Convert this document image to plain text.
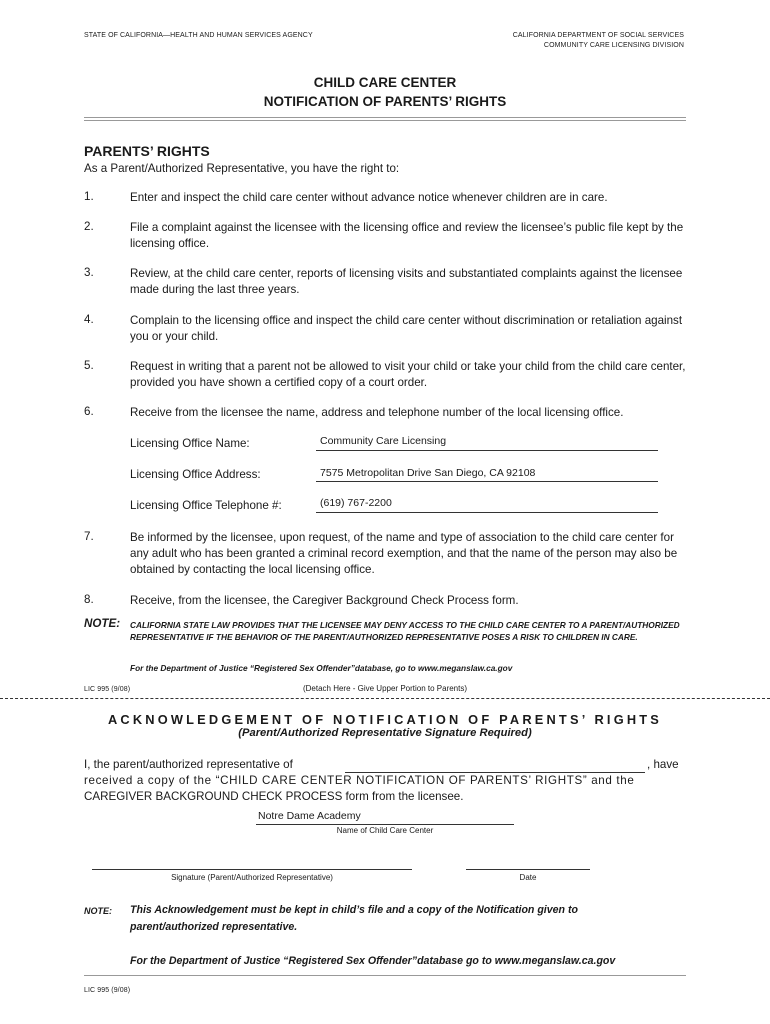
STATE OF CALIFORNIA—HEALTH AND HUMAN SERVICES AGENCY	CALIFORNIA DEPARTMENT OF SOCIAL SERVICES
COMMUNITY CARE LICENSING DIVISION
CHILD CARE CENTER
NOTIFICATION OF PARENTS’ RIGHTS
PARENTS’ RIGHTS
As a Parent/Authorized Representative, you have the right to:
1.	Enter and inspect the child care center without advance notice whenever children are in care.
2.	File a complaint against the licensee with the licensing office and review the licensee’s public file kept by the licensing office.
3.	Review, at the child care center, reports of licensing visits and substantiated complaints against the licensee made during the last three years.
4.	Complain to the licensing office and inspect the child care center without discrimination or retaliation against you or your child.
5.	Request in writing that a parent not be allowed to visit your child or take your child from the child care center, provided you have shown a certified copy of a court order.
6.	Receive from the licensee the name, address and telephone number of the local licensing office.
Licensing Office Name:	Community Care Licensing
Licensing Office Address:	7575 Metropolitan Drive San Diego, CA 92108
Licensing Office Telephone #:	(619) 767-2200
7.	Be informed by the licensee, upon request, of the name and type of association to the child care center for any adult who has been granted a criminal record exemption, and that the name of the person may also be obtained by contacting the local licensing office.
8.	Receive, from the licensee, the Caregiver Background Check Process form.
NOTE: CALIFORNIA STATE LAW PROVIDES THAT THE LICENSEE MAY DENY ACCESS TO THE CHILD CARE CENTER TO A PARENT/AUTHORIZED REPRESENTATIVE IF THE BEHAVIOR OF THE PARENT/AUTHORIZED REPRESENTATIVE POSES A RISK TO CHILDREN IN CARE.
For the Department of Justice “Registered Sex Offender”database, go to www.meganslaw.ca.gov
LIC 995 (9/08)	(Detach Here - Give Upper Portion to Parents)
ACKNOWLEDGEMENT OF NOTIFICATION OF PARENTS’ RIGHTS
(Parent/Authorized Representative Signature Required)
I, the parent/authorized representative of	, have
received a copy of the “CHILD CARE CENTER NOTIFICATION OF PARENTS’ RIGHTS” and the
CAREGIVER BACKGROUND CHECK PROCESS form from the licensee.
Notre Dame Academy
Name of Child Care Center
Signature (Parent/Authorized Representative)	Date
NOTE: This Acknowledgement must be kept in child’s file and a copy of the Notification given to
parent/authorized representative.
For the Department of Justice “Registered Sex Offender”database go to www.meganslaw.ca.gov
LIC 995 (9/08)
